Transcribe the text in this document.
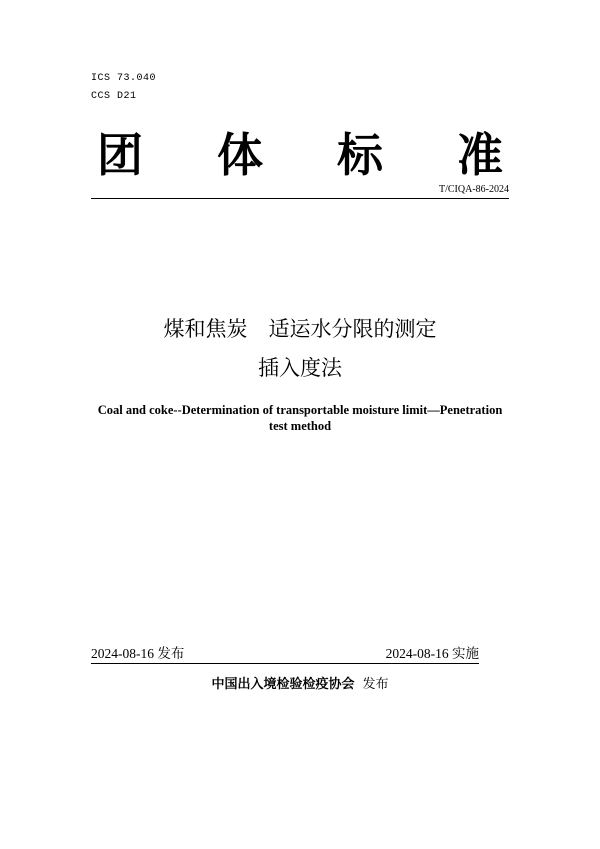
ICS 73.040
CCS D21
团 体 标 准
T/CIQA-86-2024
煤和焦炭　适运水分限的测定
插入度法
Coal and coke--Determination of transportable moisture limit—Penetration test method
2024-08-16 发布	2024-08-16 实施
中国出入境检验检疫协会 发布
